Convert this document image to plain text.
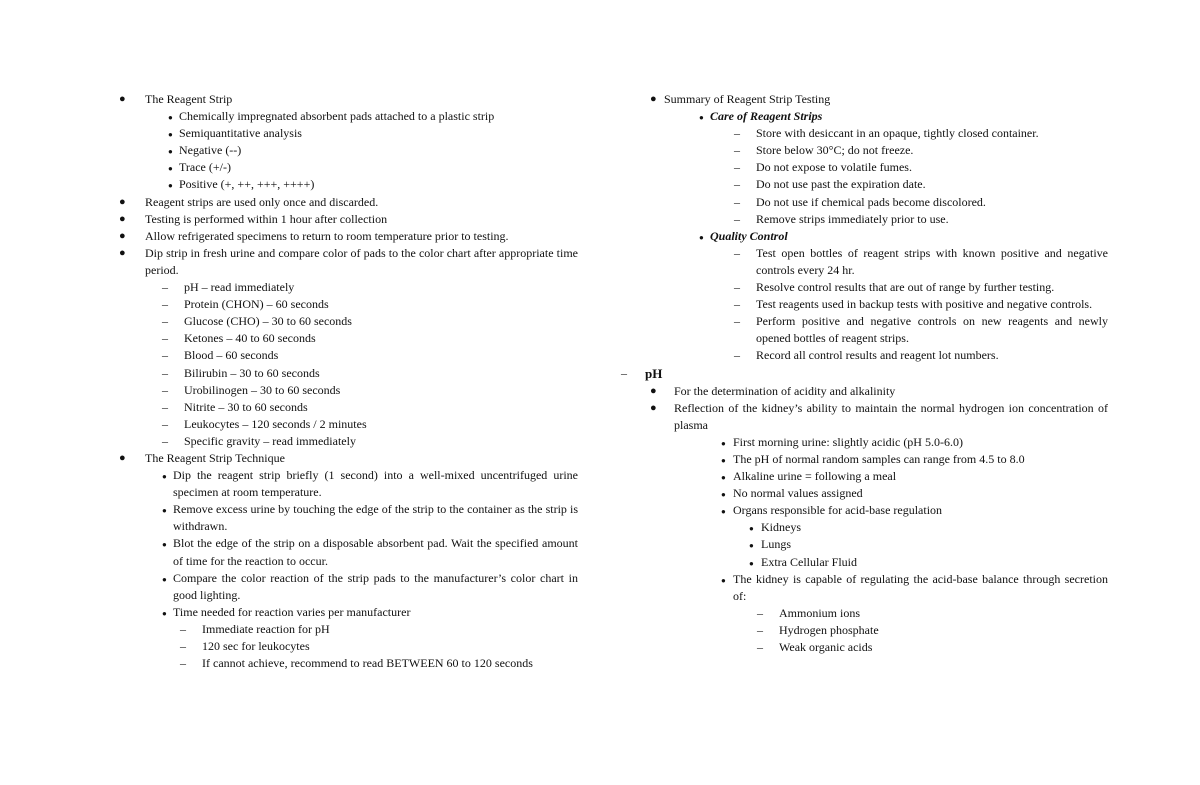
● The Reagent Strip
● Chemically impregnated absorbent pads attached to a plastic strip
● Semiquantitative analysis
● Negative (--)
● Trace (+/-)
● Positive (+, ++, +++, ++++)
● Reagent strips are used only once and discarded.
● Testing is performed within 1 hour after collection
● Allow refrigerated specimens to return to room temperature prior to testing.
● Dip strip in fresh urine and compare color of pads to the color chart after appropriate time period.
– pH – read immediately
– Protein (CHON) – 60 seconds
– Glucose (CHO) – 30 to 60 seconds
– Ketones – 40 to 60 seconds
– Blood – 60 seconds
– Bilirubin – 30 to 60 seconds
– Urobilinogen – 30 to 60 seconds
– Nitrite – 30 to 60 seconds
– Leukocytes – 120 seconds / 2 minutes
– Specific gravity – read immediately
● The Reagent Strip Technique
● Dip the reagent strip briefly (1 second) into a well-mixed uncentrifuged urine specimen at room temperature.
● Remove excess urine by touching the edge of the strip to the container as the strip is withdrawn.
● Blot the edge of the strip on a disposable absorbent pad. Wait the specified amount of time for the reaction to occur.
● Compare the color reaction of the strip pads to the manufacturer’s color chart in good lighting.
● Time needed for reaction varies per manufacturer
– Immediate reaction for pH
– 120 sec for leukocytes
– If cannot achieve, recommend to read BETWEEN 60 to 120 seconds
● Summary of Reagent Strip Testing
● Care of Reagent Strips
– Store with desiccant in an opaque, tightly closed container.
– Store below 30°C; do not freeze.
– Do not expose to volatile fumes.
– Do not use past the expiration date.
– Do not use if chemical pads become discolored.
– Remove strips immediately prior to use.
● Quality Control
– Test open bottles of reagent strips with known positive and negative controls every 24 hr.
– Resolve control results that are out of range by further testing.
– Test reagents used in backup tests with positive and negative controls.
– Perform positive and negative controls on new reagents and newly opened bottles of reagent strips.
– Record all control results and reagent lot numbers.
– pH
● For the determination of acidity and alkalinity
● Reflection of the kidney’s ability to maintain the normal hydrogen ion concentration of plasma
● First morning urine: slightly acidic (pH 5.0-6.0)
● The pH of normal random samples can range from 4.5 to 8.0
● Alkaline urine = following a meal
● No normal values assigned
● Organs responsible for acid-base regulation
● Kidneys
● Lungs
● Extra Cellular Fluid
● The kidney is capable of regulating the acid-base balance through secretion of:
– Ammonium ions
– Hydrogen phosphate
– Weak organic acids
